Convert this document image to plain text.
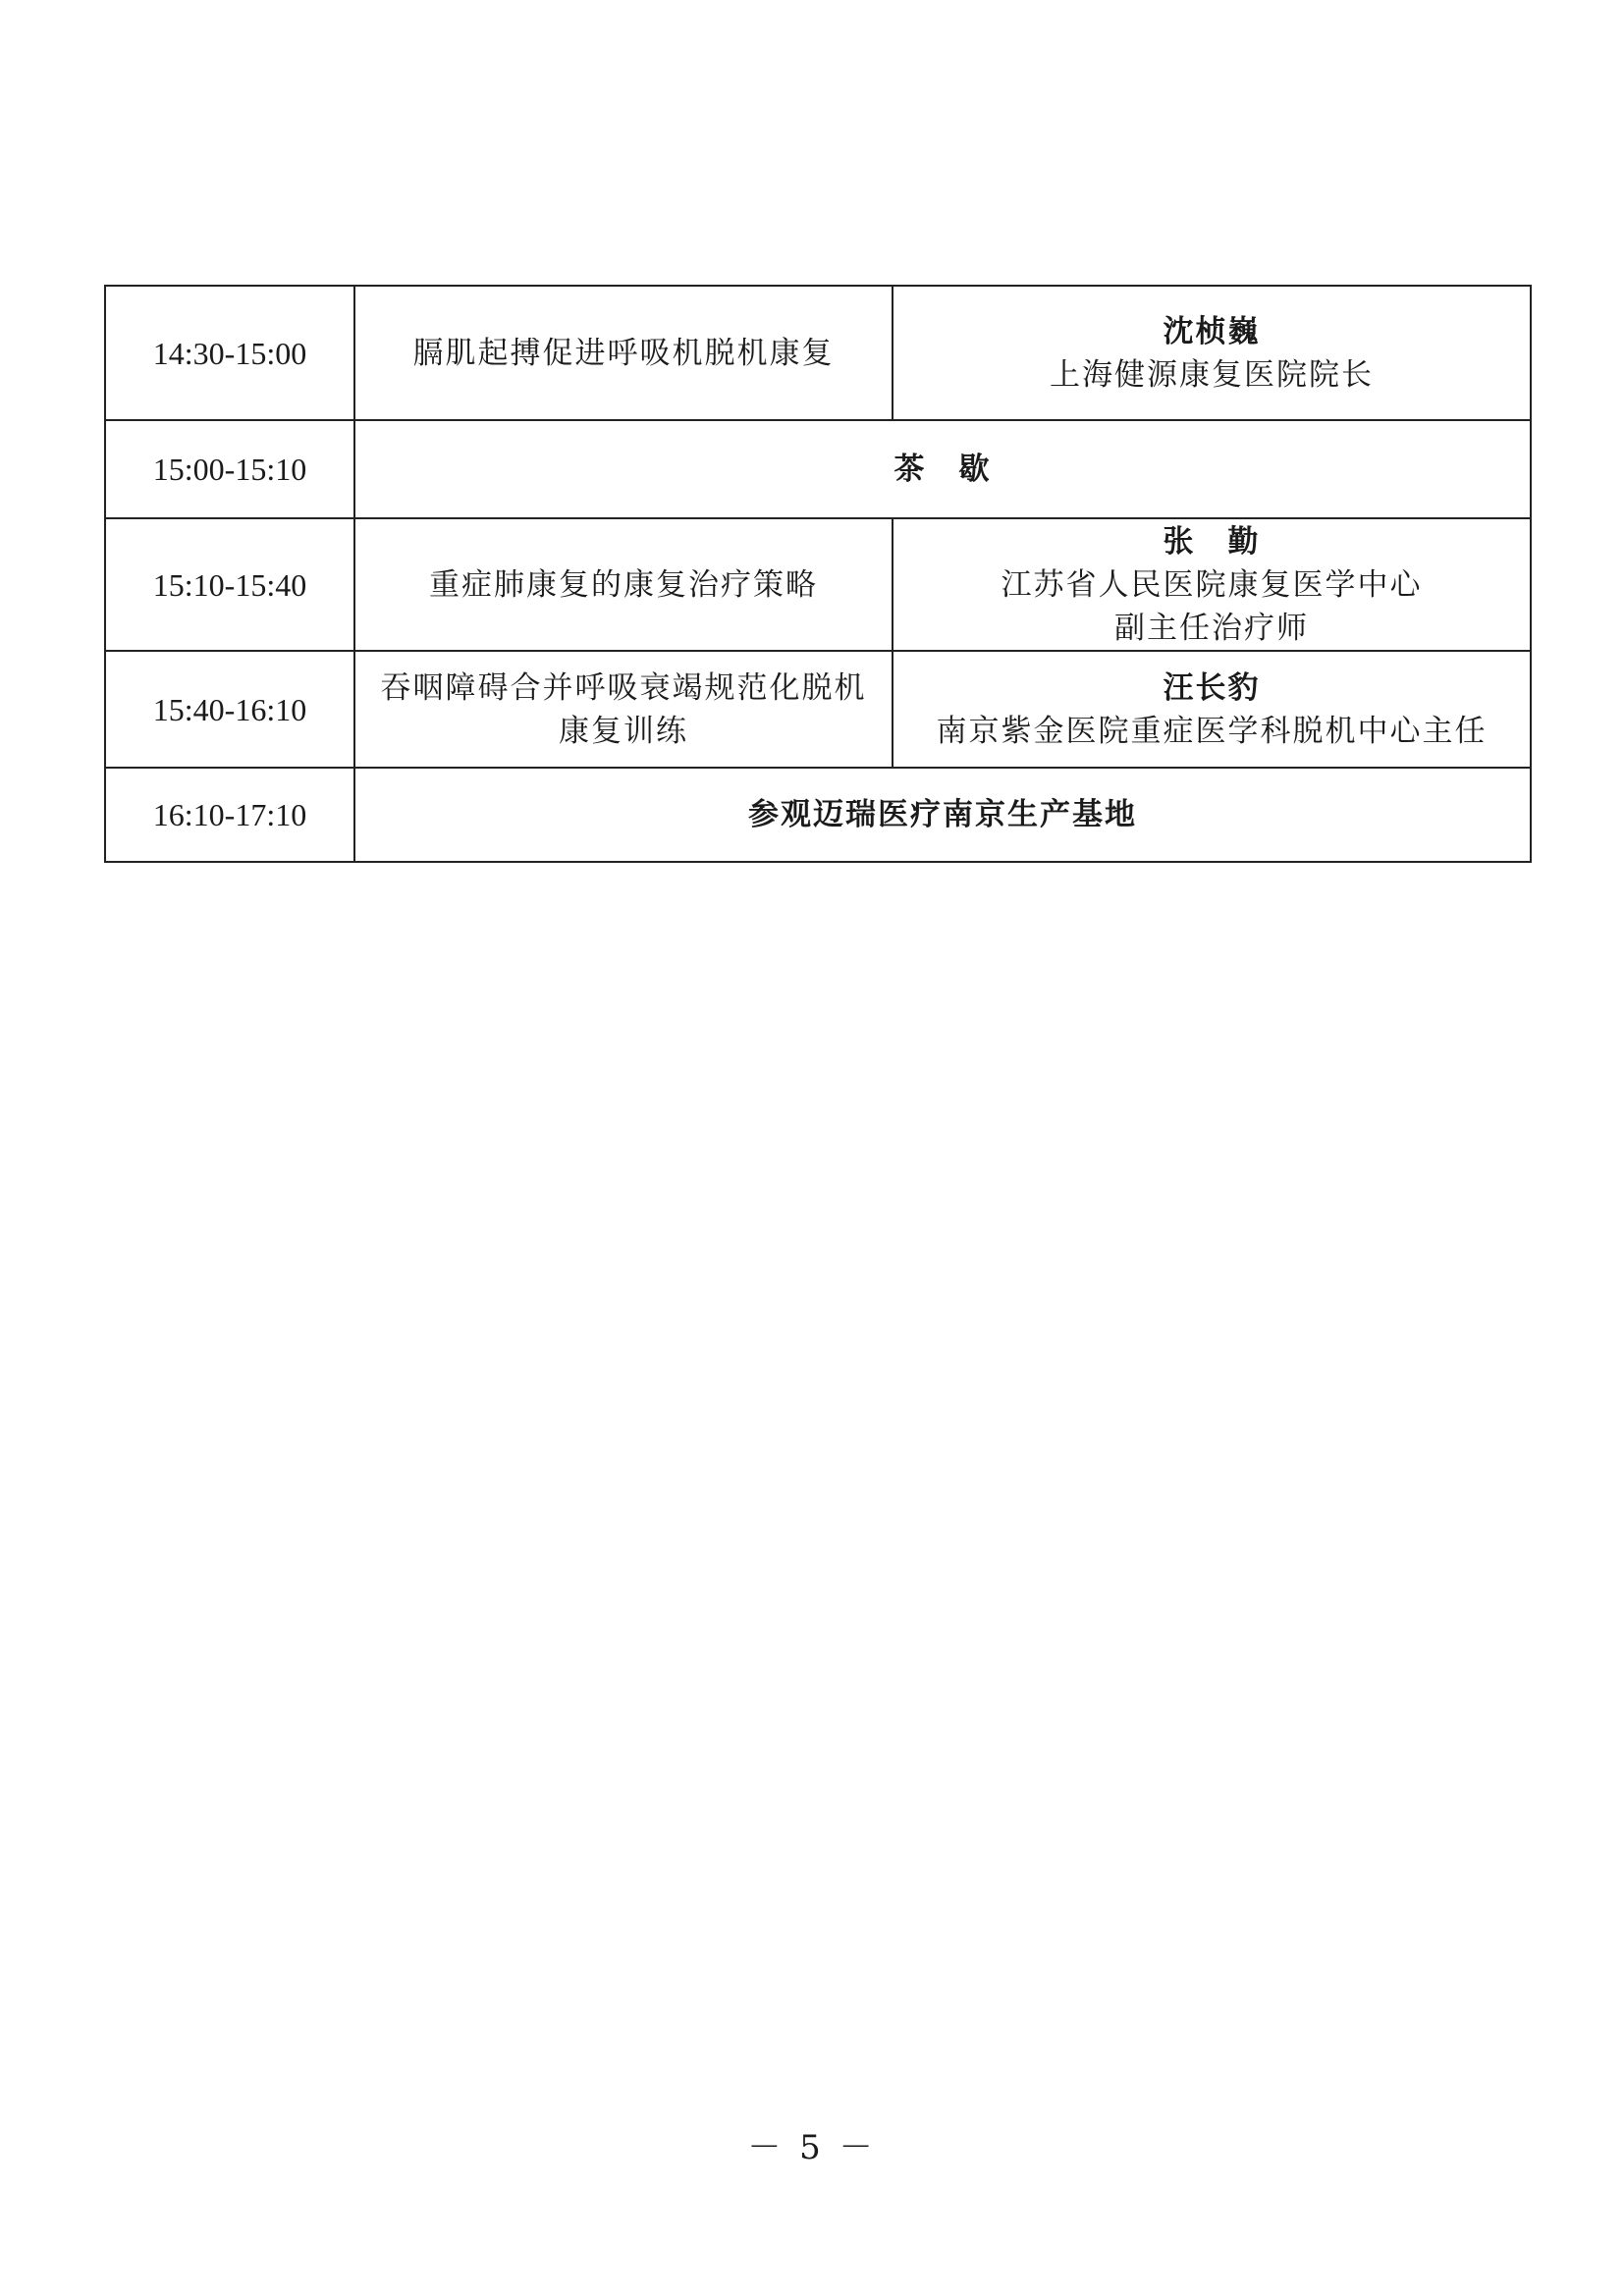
14:30-15:00	膈肌起搏促进呼吸机脱机康复	沈桢巍
上海健源康复医院院长

15:00-15:10	茶　歇	
15:10-15:40	重症肺康复的康复治疗策略	张　勤
江苏省人民医院康复医学中心
副主任治疗师

15:40-16:10	吞咽障碍合并呼吸衰竭规范化脱机
康复训练	汪长豹
南京紫金医院重症医学科脱机中心主任

16:10-17:10	参观迈瑞医疗南京生产基地	
－ 5 －
